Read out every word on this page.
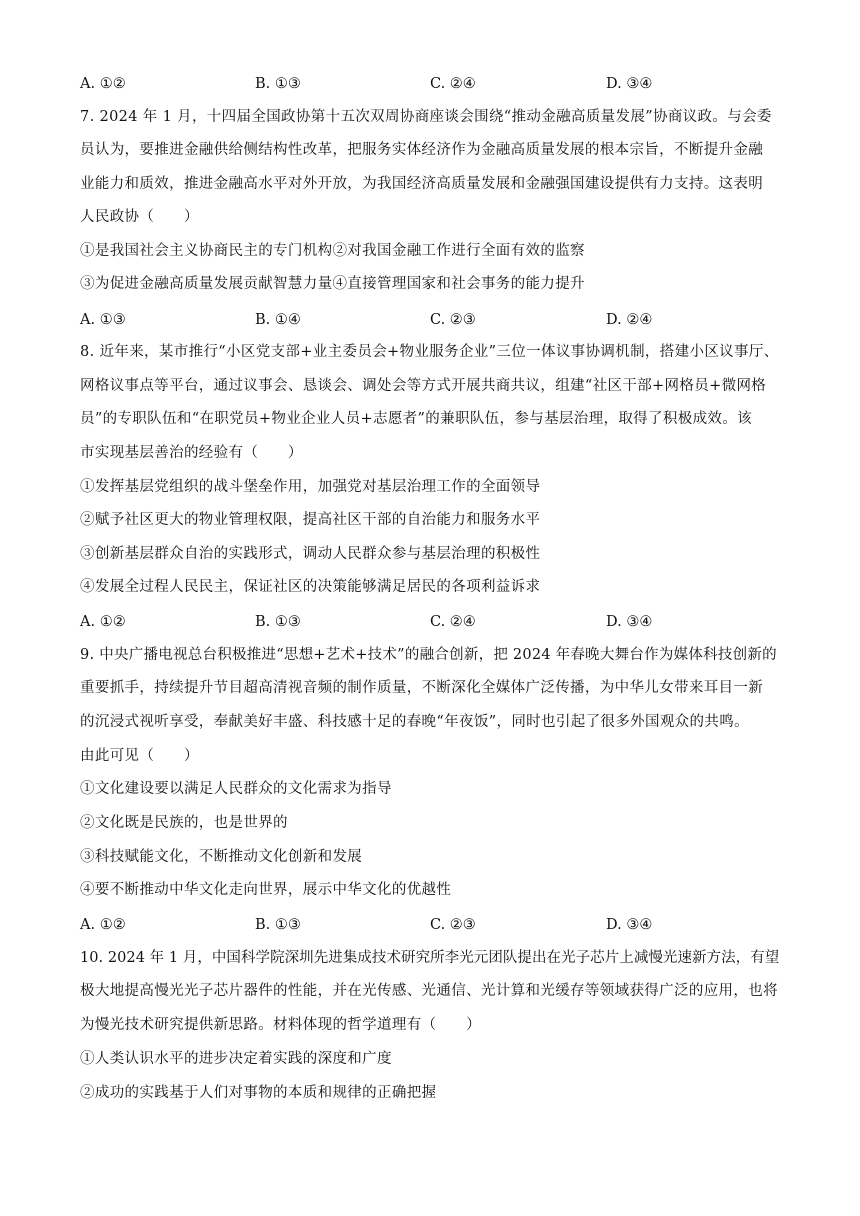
A. ①②	B. ①③	C. ②④	D. ③④
7. 2024 年 1 月，十四届全国政协第十五次双周协商座谈会围绕“推动金融高质量发展”协商议政。与会委
员认为，要推进金融供给侧结构性改革，把服务实体经济作为金融高质量发展的根本宗旨，不断提升金融
业能力和质效，推进金融高水平对外开放，为我国经济高质量发展和金融强国建设提供有力支持。这表明
人民政协（　　）
①是我国社会主义协商民主的专门机构②对我国金融工作进行全面有效的监察
③为促进金融高质量发展贡献智慧力量④直接管理国家和社会事务的能力提升
A. ①③	B. ①④	C. ②③	D. ②④
8. 近年来，某市推行“小区党支部+业主委员会+物业服务企业”三位一体议事协调机制，搭建小区议事厅、
网格议事点等平台，通过议事会、恳谈会、调处会等方式开展共商共议，组建“社区干部+网格员+微网格
员”的专职队伍和“在职党员+物业企业人员+志愿者”的兼职队伍，参与基层治理，取得了积极成效。该
市实现基层善治的经验有（　　）
①发挥基层党组织的战斗堡垒作用，加强党对基层治理工作的全面领导
②赋予社区更大的物业管理权限，提高社区干部的自治能力和服务水平
③创新基层群众自治的实践形式，调动人民群众参与基层治理的积极性
④发展全过程人民民主，保证社区的决策能够满足居民的各项利益诉求
A. ①②	B. ①③	C. ②④	D. ③④
9. 中央广播电视总台积极推进“思想+艺术+技术”的融合创新，把 2024 年春晚大舞台作为媒体科技创新的
重要抓手，持续提升节目超高清视音频的制作质量，不断深化全媒体广泛传播，为中华儿女带来耳目一新
的沉浸式视听享受，奉献美好丰盛、科技感十足的春晚“年夜饭”，同时也引起了很多外国观众的共鸣。
由此可见（　　）
①文化建设要以满足人民群众的文化需求为指导
②文化既是民族的，也是世界的
③科技赋能文化，不断推动文化创新和发展
④要不断推动中华文化走向世界，展示中华文化的优越性
A. ①②	B. ①③	C. ②③	D. ③④
10. 2024 年 1 月，中国科学院深圳先进集成技术研究所李光元团队提出在光子芯片上减慢光速新方法，有望
极大地提高慢光光子芯片器件的性能，并在光传感、光通信、光计算和光缓存等领域获得广泛的应用，也将
为慢光技术研究提供新思路。材料体现的哲学道理有（　　）
①人类认识水平的进步决定着实践的深度和广度
②成功的实践基于人们对事物的本质和规律的正确把握
